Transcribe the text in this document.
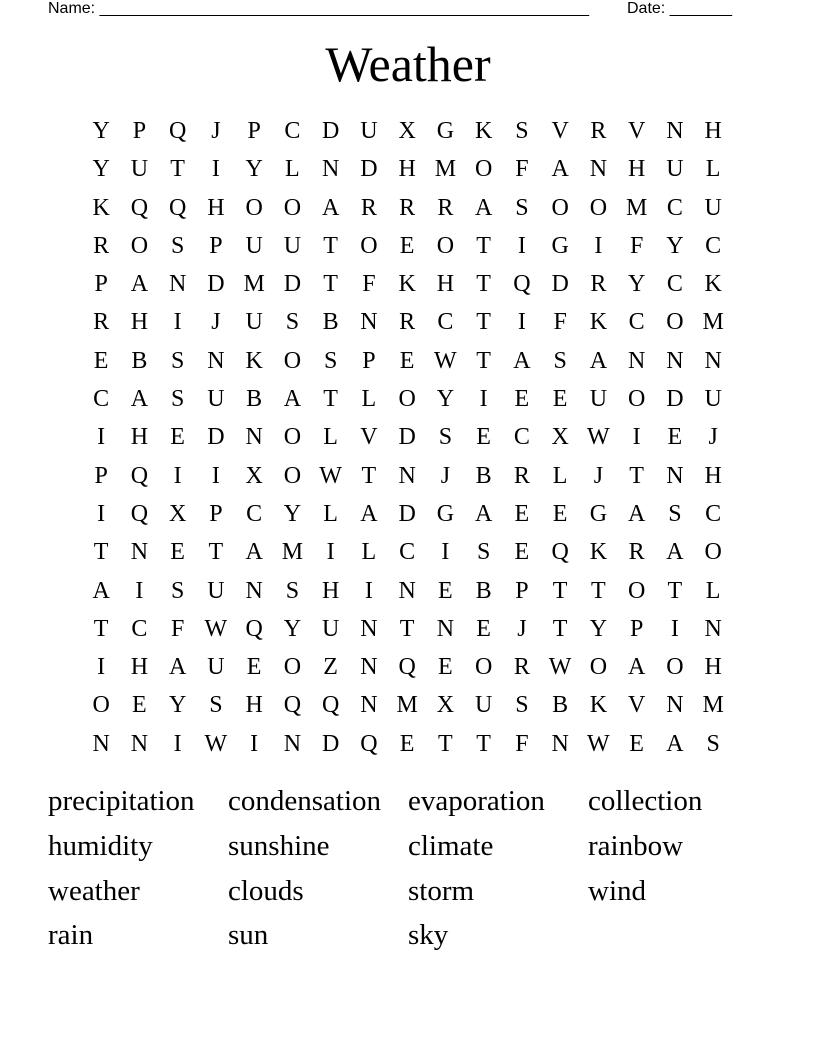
Name: _______________________________________________________ Date: _______
Weather
Y P Q	J	P C D U X G K S V R V N H
Y U T	I	Y L N D H M O F A N H U L
K Q Q H O O A R R R A S O O M C U
R O S	P U U T O E O T	I	G	I	F Y C
P A N D M D T	F K H T Q D R Y C K
R H	I	J	U S B N R C T	I	F K C O M
E B S N K O S	P	E W T A S A N N N
C A S U B A T L O Y	I	E E U O D U
I	H E D N O L V D S	E C X W I	E	J
P Q	I	I	X O W T N	J	B R L	J	T N H
I	Q X P C Y L A D G A E E G A S C
T N E T A M I	L C	I	S	E Q K R A O
A	I	S U N S H	I	N E B P	T T O T L
T C F W Q Y U N T N E	J	T Y P	I	N
I	H A U E O Z N Q E O R W O A O H
O E Y S H Q Q N M X U S B K V N M
N N	I W I	N D Q E T T	F N W E A S
precipitation	condensation evaporation	collection
humidity	sunshine	climate	rainbow
weather	clouds	storm	wind
rain	sun	sky
